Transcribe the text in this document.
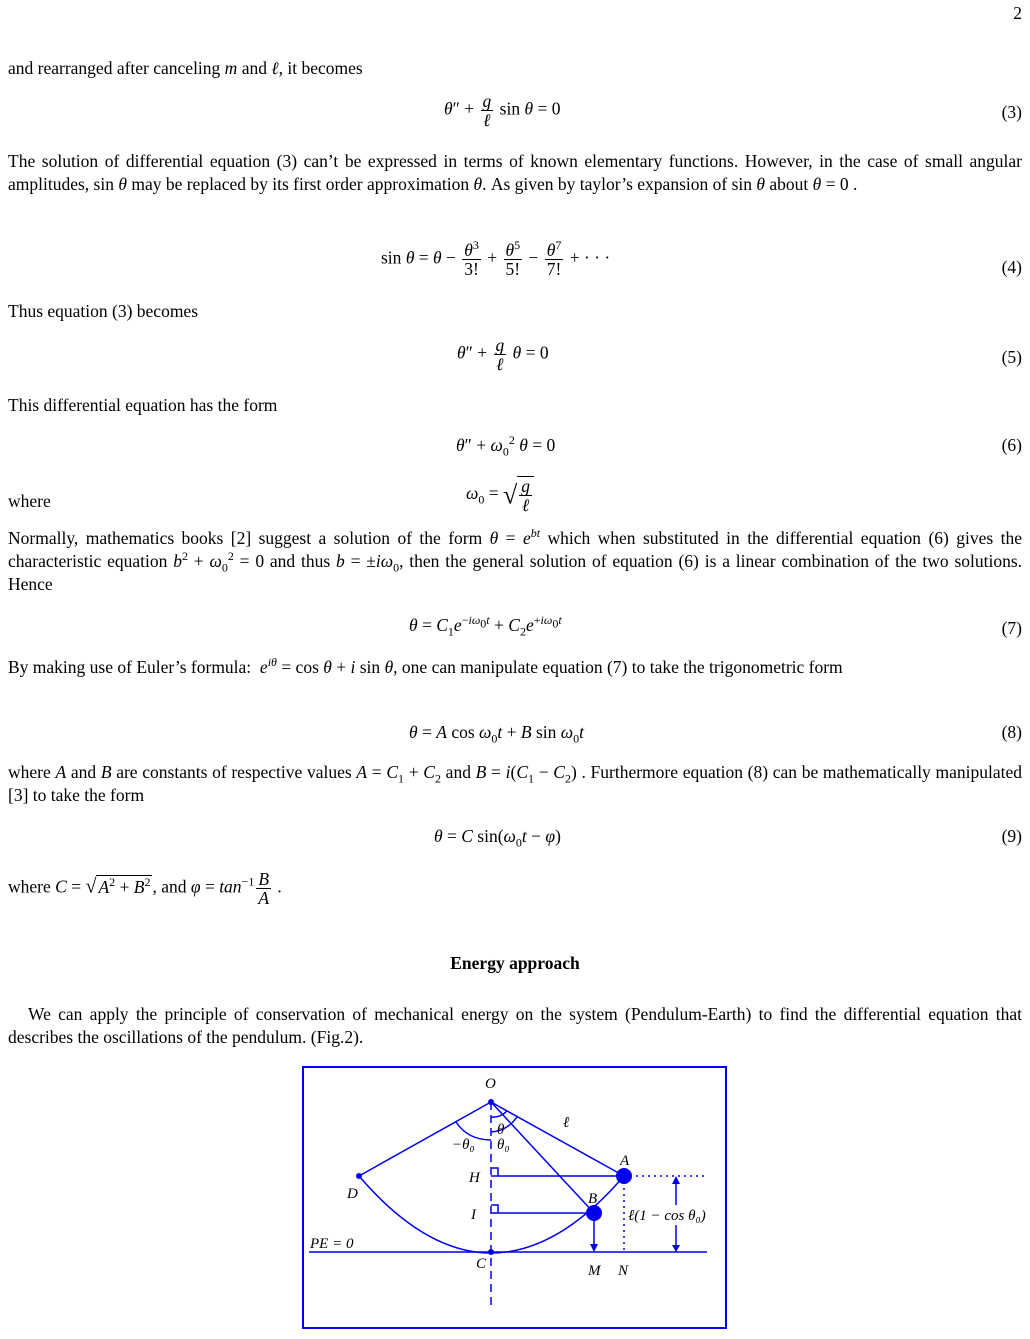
2

and rearranged after canceling m and ℓ, it becomes

$\theta'' + \frac{g}{\text{ℓ}}$ sin θ = 0	(3)

The solution of differential equation (3) can’t be expressed in terms of known elementary functions. However, in the case of small angular amplitudes, sin θ may be replaced by its first order approximation θ. As given by taylor’s expansion of sin θ about θ = 0 .

$\sin \theta = \theta - \frac{\theta^3}{3!} + \frac{\theta^5}{5!} - \frac{\theta^7}{7!}$ + · · ·	(4)

Thus equation (3) becomes

$\theta'' + \frac{g}{\text{ℓ}}$ θ = 0	(5)

This differential equation has the form

$\theta'' + \omega_0^2$ θ = 0	(6)
where	$\omega_0$ = √ $\frac{g}{\text{ℓ}}$

Normally, mathematics books [2] suggest a solution of the form $\theta = e^{bt}$ which when substituted in the differential equation (6) gives the characteristic equation $b^2 + \omega_0^2 = 0$ and thus $b = \pm i\omega_0$, then the general solution of equation (6) is a linear combination of the two solutions. Hence

$\theta = C_1e^{-i\omega_0t} + C_2e^{+i\omega_0t}$	(7)

By making use of Euler’s formula:  $e^{i\theta} = \cos \theta + i$ sin θ, one can manipulate equation (7) to take the trigonometric form

θ = A $\cos \omega_0t + B$ $\sin \omega_0t$	(8)

where A and B are constants of respective values $A = C_1 + C_2$ and $B = i(C_1 - C_2)$ . Furthermore equation (8) can be mathematically manipulated [3] to take the form

θ = C $\sin(\omega_0t - \varphi)$	(9)
where C = √ $A^2 + B^2$ , and $\varphi = \tan^{-1} \frac{B}{A}$ .
Energy approach

We can apply the principle of conservation of mechanical energy on the system (Pendulum-Earth) to find the differential equation that describes the oscillations of the pendulum. (Fig.2).

O
ℓ
θ
θ₀
−θ₀
A
H
D	B
I	ℓ(1 − cos θ₀)
PE = 0
C	M N
